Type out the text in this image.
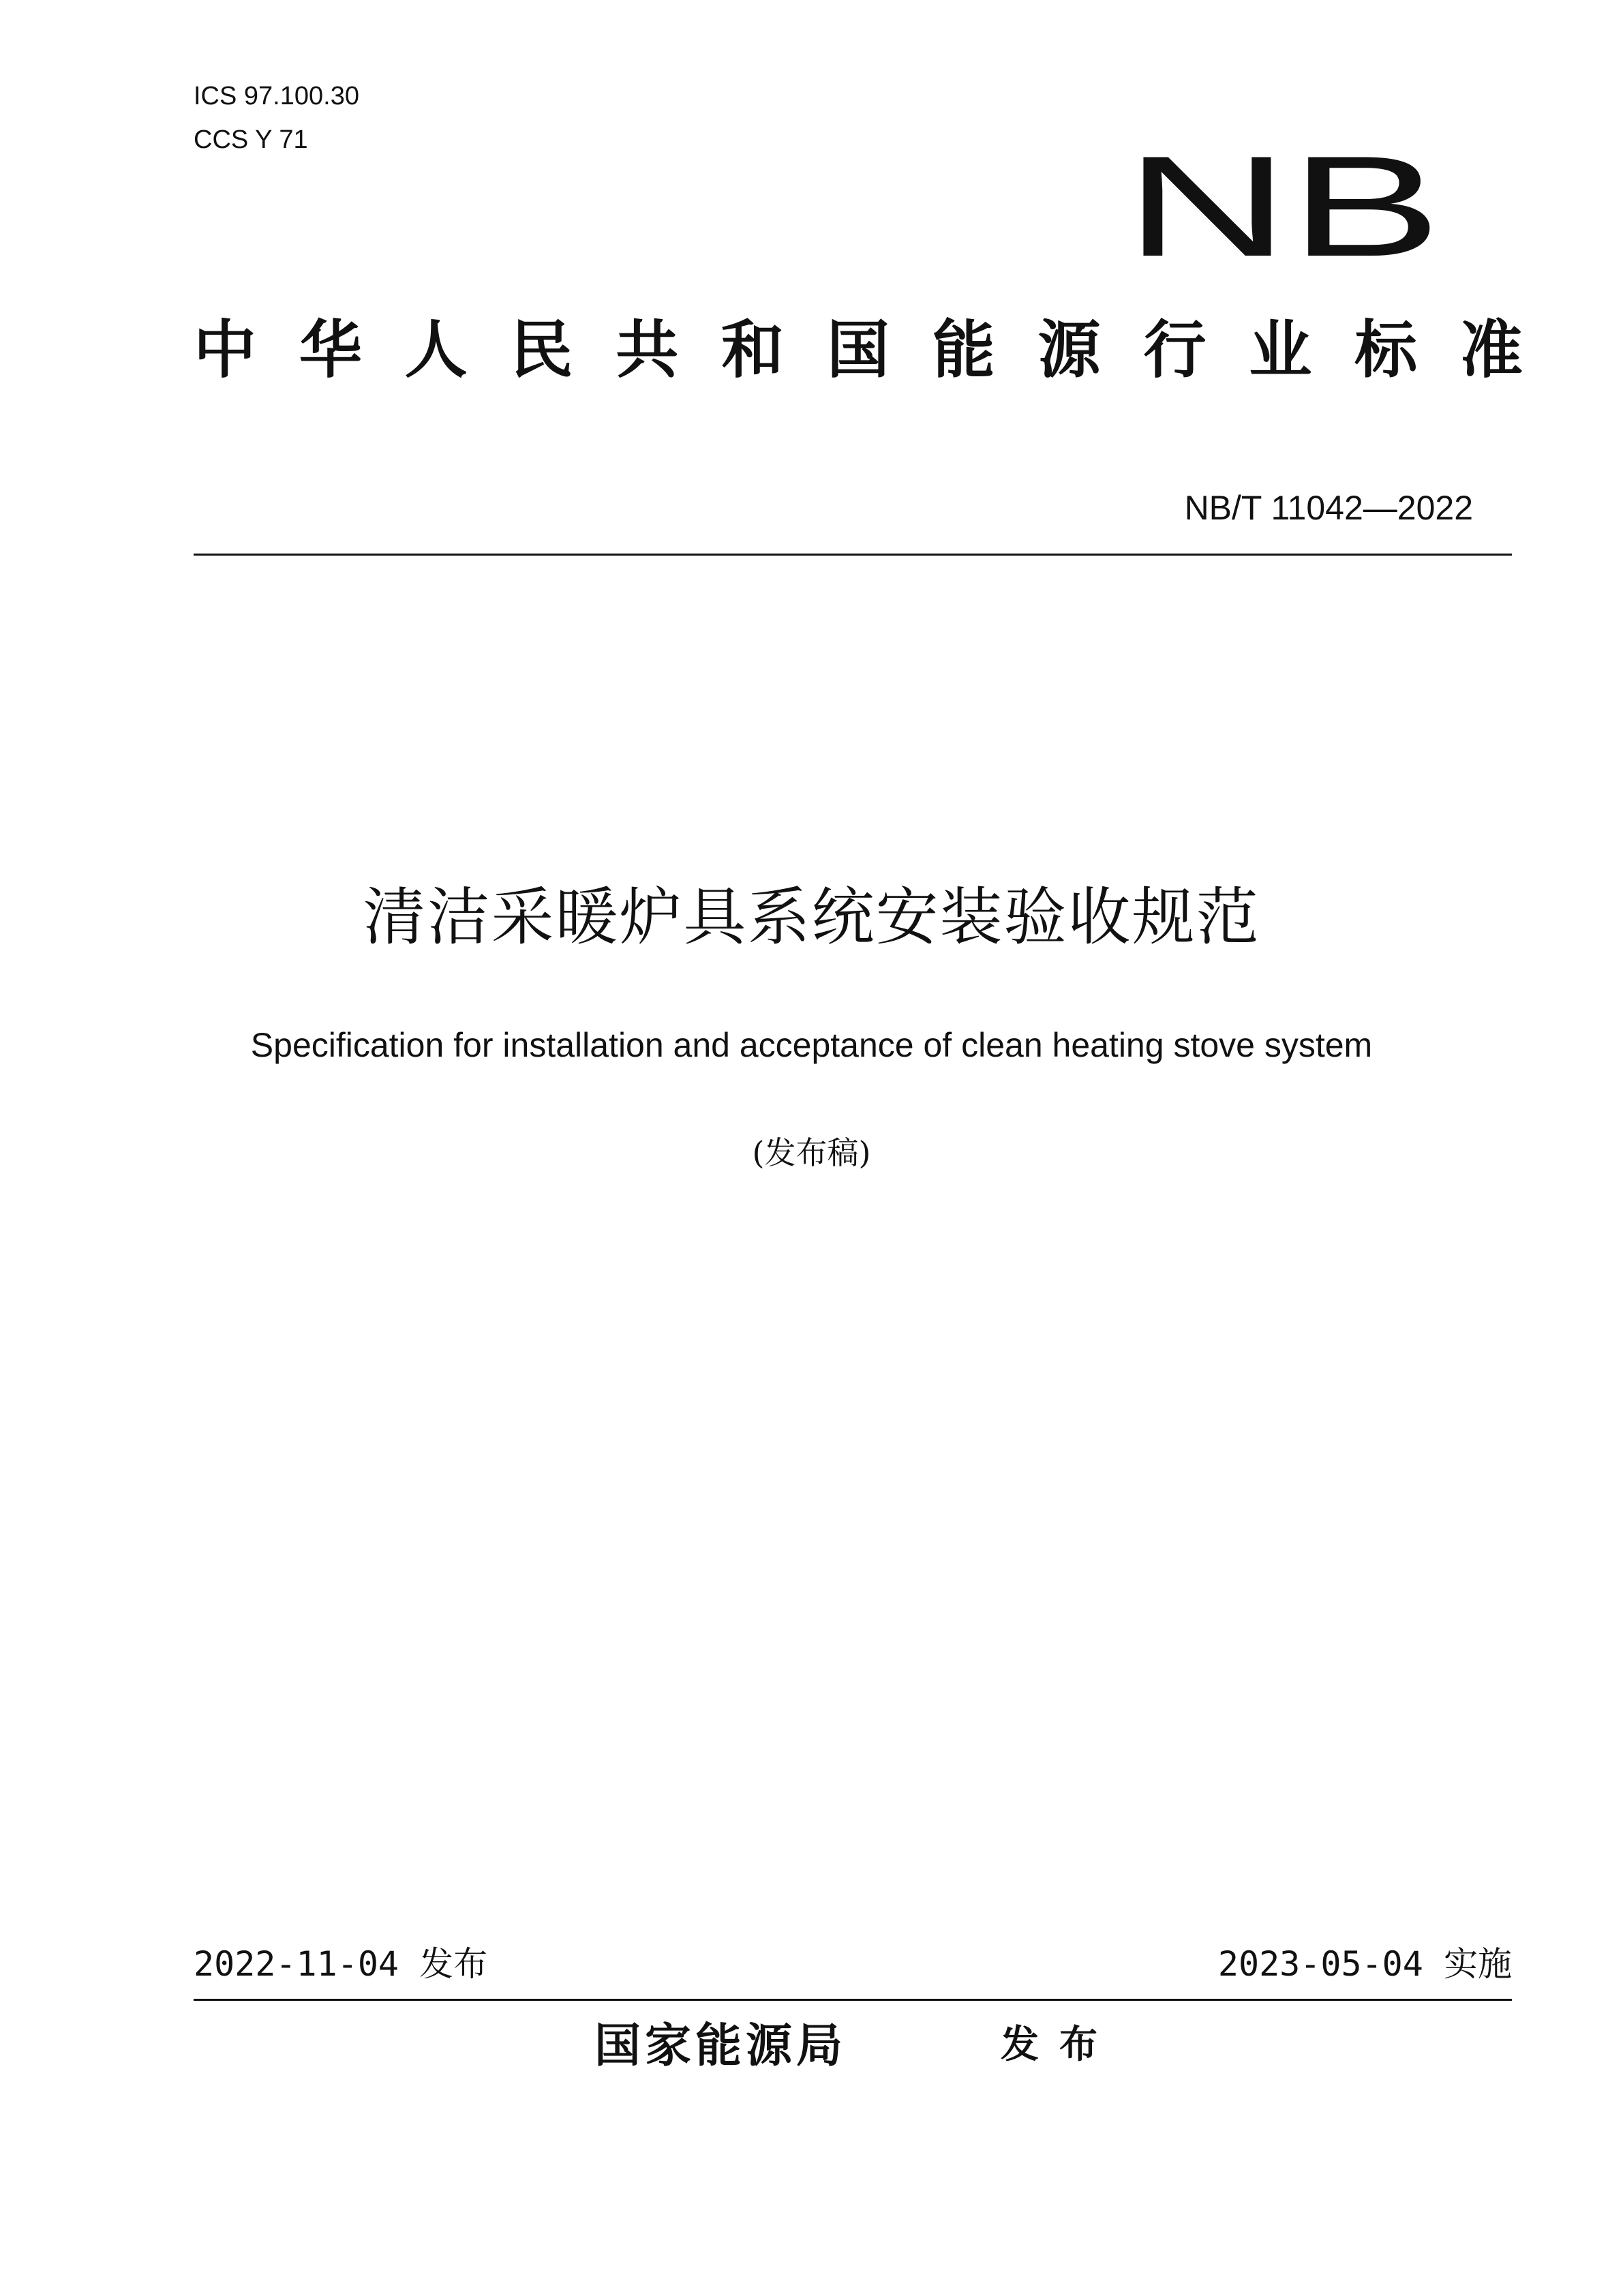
ICS 97.100.30
CCS Y 71	NB
中 华 人 民 共 和 国 能 源 行 业 标 准
NB/T 11042—2022
清洁采暖炉具系统安装验收规范
Specification for installation and acceptance of clean heating stove system
(发布稿)
2022-11-04 发布	2023-05-04 实施
国家能源局	发布
